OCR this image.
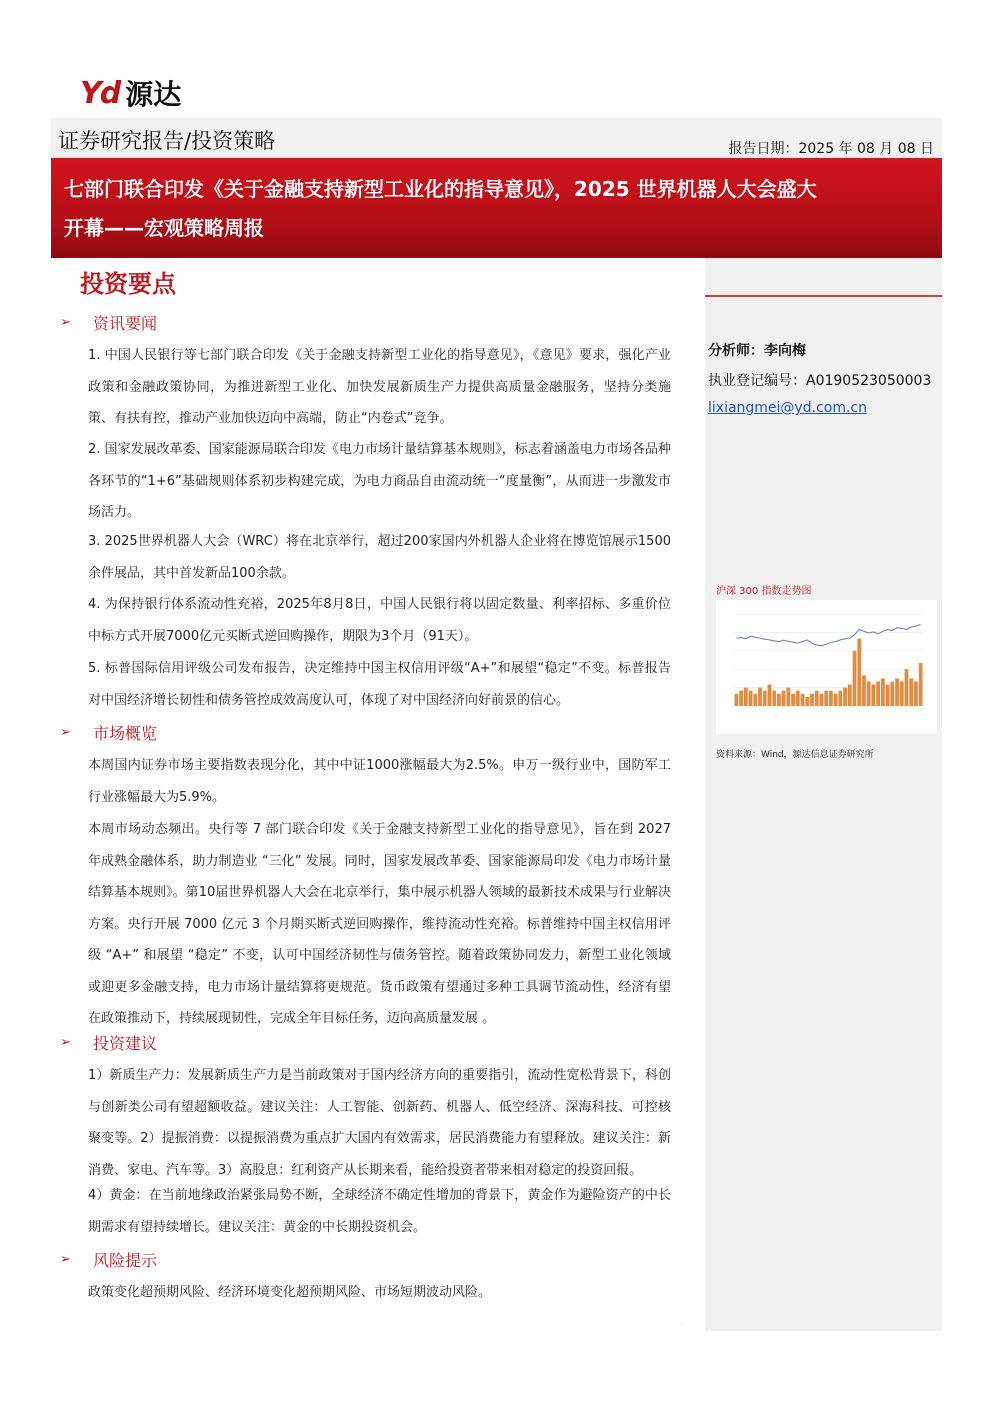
Yd 源达
证券研究报告/投资策略	报告日期：2025 年 08 月 08 日
七部门联合印发《关于金融支持新型工业化的指导意见》，2025 世界机器人大会盛大
开幕——宏观策略周报
分析师：李向梅
执业登记编号：A0190523050003
lixiangmei@yd.com.cn
沪深 300 指数走势图
资料来源：Wind，源达信息证券研究所
投资要点
➢	资讯要闻
1. 中国人民银行等七部门联合印发《关于金融支持新型工业化的指导意见》，《意见》要求，强化产业政策和金融政策协同，为推进新型工业化、加快发展新质生产力提供高质量金融服务，坚持分类施策、有扶有控，推动产业加快迈向中高端，防止“内卷式”竞争。
2. 国家发展改革委、国家能源局联合印发《电力市场计量结算基本规则》，标志着涵盖电力市场各品种各环节的“1+6”基础规则体系初步构建完成，为电力商品自由流动统一“度量衡”，从而进一步激发市场活力。
3. 2025世界机器人大会（WRC）将在北京举行，超过200家国内外机器人企业将在博览馆展示1500余件展品，其中首发新品100余款。
4. 为保持银行体系流动性充裕，2025年8月8日，中国人民银行将以固定数量、利率招标、多重价位中标方式开展7000亿元买断式逆回购操作，期限为3个月（91天）。
5. 标普国际信用评级公司发布报告，决定维持中国主权信用评级“A+”和展望“稳定”不变。标普报告对中国经济增长韧性和债务管控成效高度认可，体现了对中国经济向好前景的信心。
➢	市场概览
本周国内证券市场主要指数表现分化，其中中证1000涨幅最大为2.5%。申万一级行业中，国防军工行业涨幅最大为5.9%。
本周市场动态频出。央行等 7 部门联合印发《关于金融支持新型工业化的指导意见》，旨在到 2027 年成熟金融体系，助力制造业 “三化” 发展。同时，国家发展改革委、国家能源局印发《电力市场计量结算基本规则》。第10届世界机器人大会在北京举行，集中展示机器人领域的最新技术成果与行业解决方案。央行开展 7000 亿元 3 个月期买断式逆回购操作，维持流动性充裕。标普维持中国主权信用评级 “A+” 和展望 “稳定” 不变，认可中国经济韧性与债务管控。随着政策协同发力，新型工业化领域或迎更多金融支持，电力市场计量结算将更规范。货币政策有望通过多种工具调节流动性，经济有望在政策推动下，持续展现韧性，完成全年目标任务，迈向高质量发展 。
➢	投资建议
1）新质生产力：发展新质生产力是当前政策对于国内经济方向的重要指引，流动性宽松背景下，科创与创新类公司有望超额收益。建议关注：人工智能、创新药、机器人、低空经济、深海科技、可控核聚变等。2）提振消费：以提振消费为重点扩大国内有效需求，居民消费能力有望释放。建议关注：新消费、家电、汽车等。3）高股息：红利资产从长期来看，能给投资者带来相对稳定的投资回报。
4）黄金：在当前地缘政治紧张局势不断，全球经济不确定性增加的背景下，黄金作为避险资产的中长期需求有望持续增长。建议关注：黄金的中长期投资机会。
➢	风险提示
政策变化超预期风险、经济环境变化超预期风险、市场短期波动风险。
·
